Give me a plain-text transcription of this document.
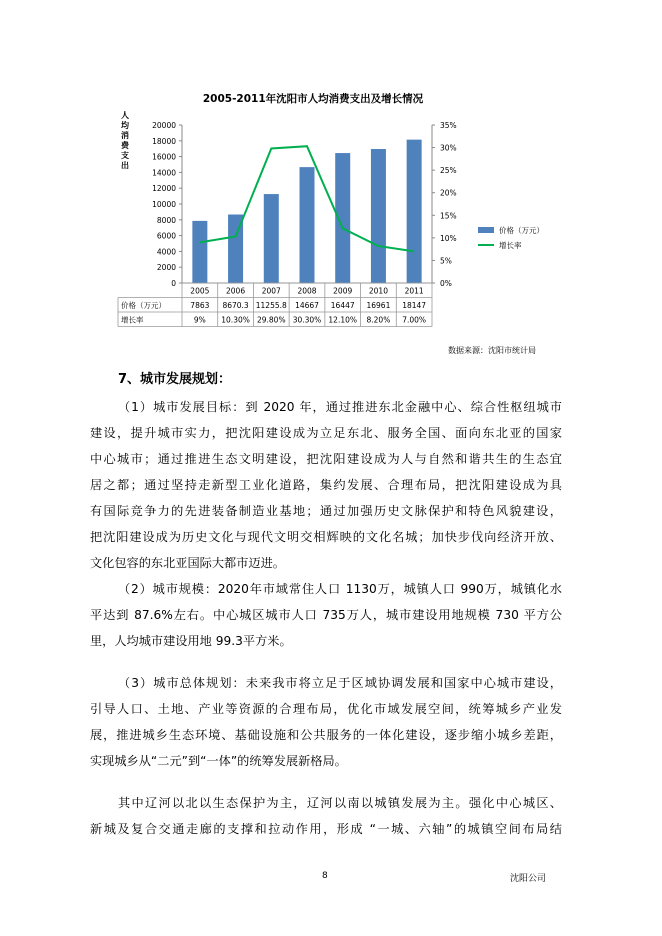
2005-2011年沈阳市人均消费支出及增长情况
人
均
消
费
支
出
0
2000
4000
6000
8000
10000
12000
14000
16000
18000
20000
0%
5%
10%
15%
20%
25%
30%
35%
价格（万元）
增长率
2005 2006 2007 2008 2009 2010 2011
价格（万元）
增长率
7863 8670.3 11255.8 14667 16447 16961 18147
9% 10.30% 29.80% 30.30% 12.10% 8.20% 7.00%
数据来源：沈阳市统计局
7、城市发展规划：
（1）城市发展目标：到 2020 年，通过推进东北金融中心、综合性枢纽城市
建设，提升城市实力，把沈阳建设成为立足东北、服务全国、面向东北亚的国家
中心城市；通过推进生态文明建设，把沈阳建设成为人与自然和谐共生的生态宜
居之都；通过坚持走新型工业化道路，集约发展、合理布局，把沈阳建设成为具
有国际竞争力的先进装备制造业基地；通过加强历史文脉保护和特色风貌建设，
把沈阳建设成为历史文化与现代文明交相辉映的文化名城；加快步伐向经济开放、
文化包容的东北亚国际大都市迈进。
（2）城市规模：2020年市域常住人口 1130万，城镇人口 990万，城镇化水
平达到 87.6%左右。中心城区城市人口 735万人，城市建设用地规模 730 平方公
里，人均城市建设用地 99.3平方米。
（3）城市总体规划：未来我市将立足于区域协调发展和国家中心城市建设，
引导人口、土地、产业等资源的合理布局，优化市域发展空间，统筹城乡产业发
展，推进城乡生态环境、基础设施和公共服务的一体化建设，逐步缩小城乡差距，
实现城乡从“二元”到“一体”的统筹发展新格局。
其中辽河以北以生态保护为主，辽河以南以城镇发展为主。强化中心城区、
新城及复合交通走廊的支撑和拉动作用，形成 “一城、六轴”的城镇空间布局结
8	沈阳公司
